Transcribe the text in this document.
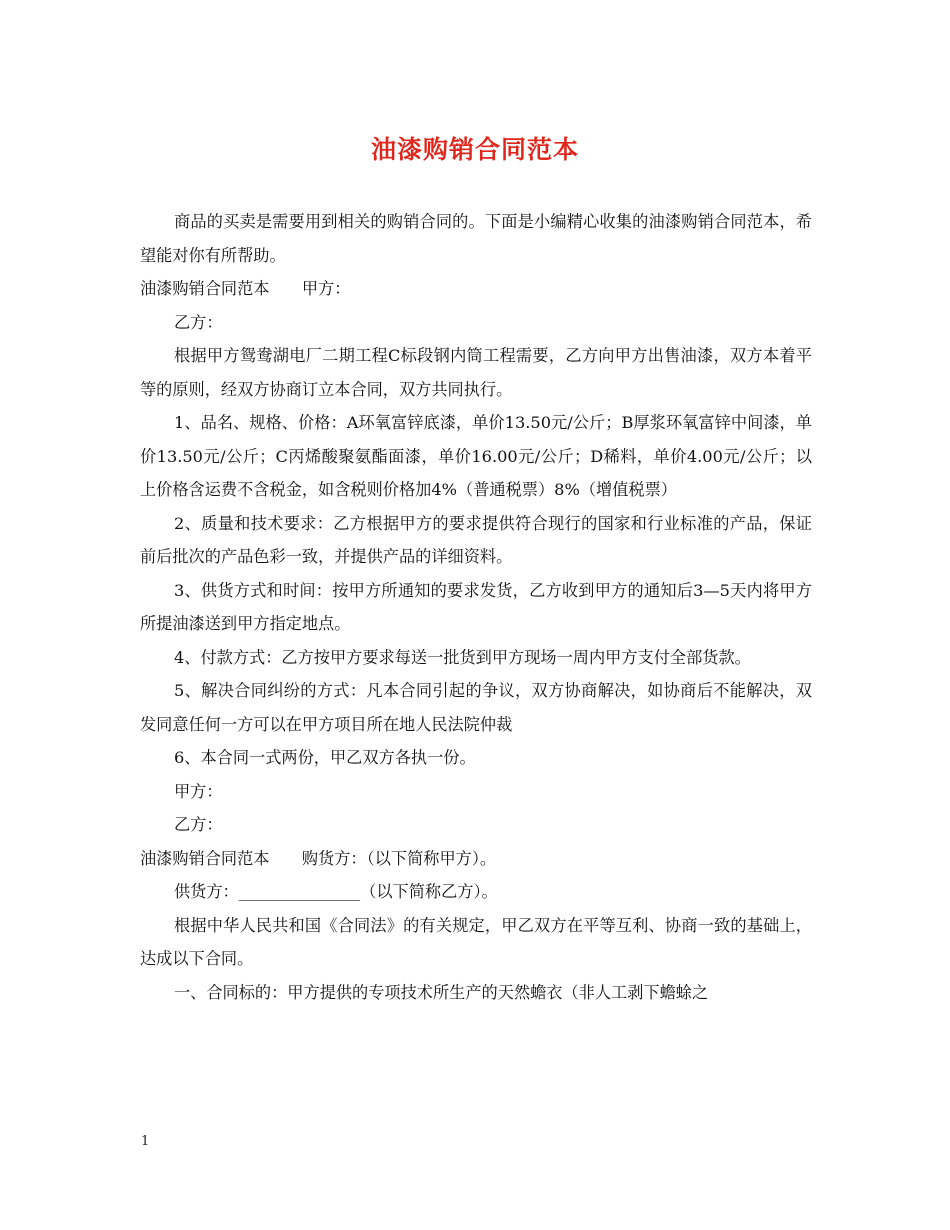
油漆购销合同范本

商品的买卖是需要用到相关的购销合同的。下面是小编精心收集的油漆购销合同范本，希望能对你有所帮助。

油漆购销合同范本　　甲方：

乙方：

根据甲方鸳鸯湖电厂二期工程C标段钢内筒工程需要，乙方向甲方出售油漆，双方本着平等的原则，经双方协商订立本合同，双方共同执行。

1、品名、规格、价格：A环氧富锌底漆，单价13.50元/公斤；B厚浆环氧富锌中间漆，单价13.50元/公斤；C丙烯酸聚氨酯面漆，单价16.00元/公斤；D稀料，单价4.00元/公斤；以上价格含运费不含税金，如含税则价格加4%（普通税票）8%（增值税票）

2、质量和技术要求：乙方根据甲方的要求提供符合现行的国家和行业标准的产品，保证前后批次的产品色彩一致，并提供产品的详细资料。

3、供货方式和时间：按甲方所通知的要求发货，乙方收到甲方的通知后3—5天内将甲方所提油漆送到甲方指定地点。

4、付款方式：乙方按甲方要求每送一批货到甲方现场一周内甲方支付全部货款。

5、解决合同纠纷的方式：凡本合同引起的争议，双方协商解决，如协商后不能解决，双发同意任何一方可以在甲方项目所在地人民法院仲裁

6、本合同一式两份，甲乙双方各执一份。

甲方：

乙方：

油漆购销合同范本　　购货方：（以下简称甲方）。

供货方：_______________（以下简称乙方）。

根据中华人民共和国《合同法》的有关规定，甲乙双方在平等互利、协商一致的基础上，达成以下合同。

一、合同标的：甲方提供的专项技术所生产的天然蟾衣（非人工剥下蟾蜍之

1
